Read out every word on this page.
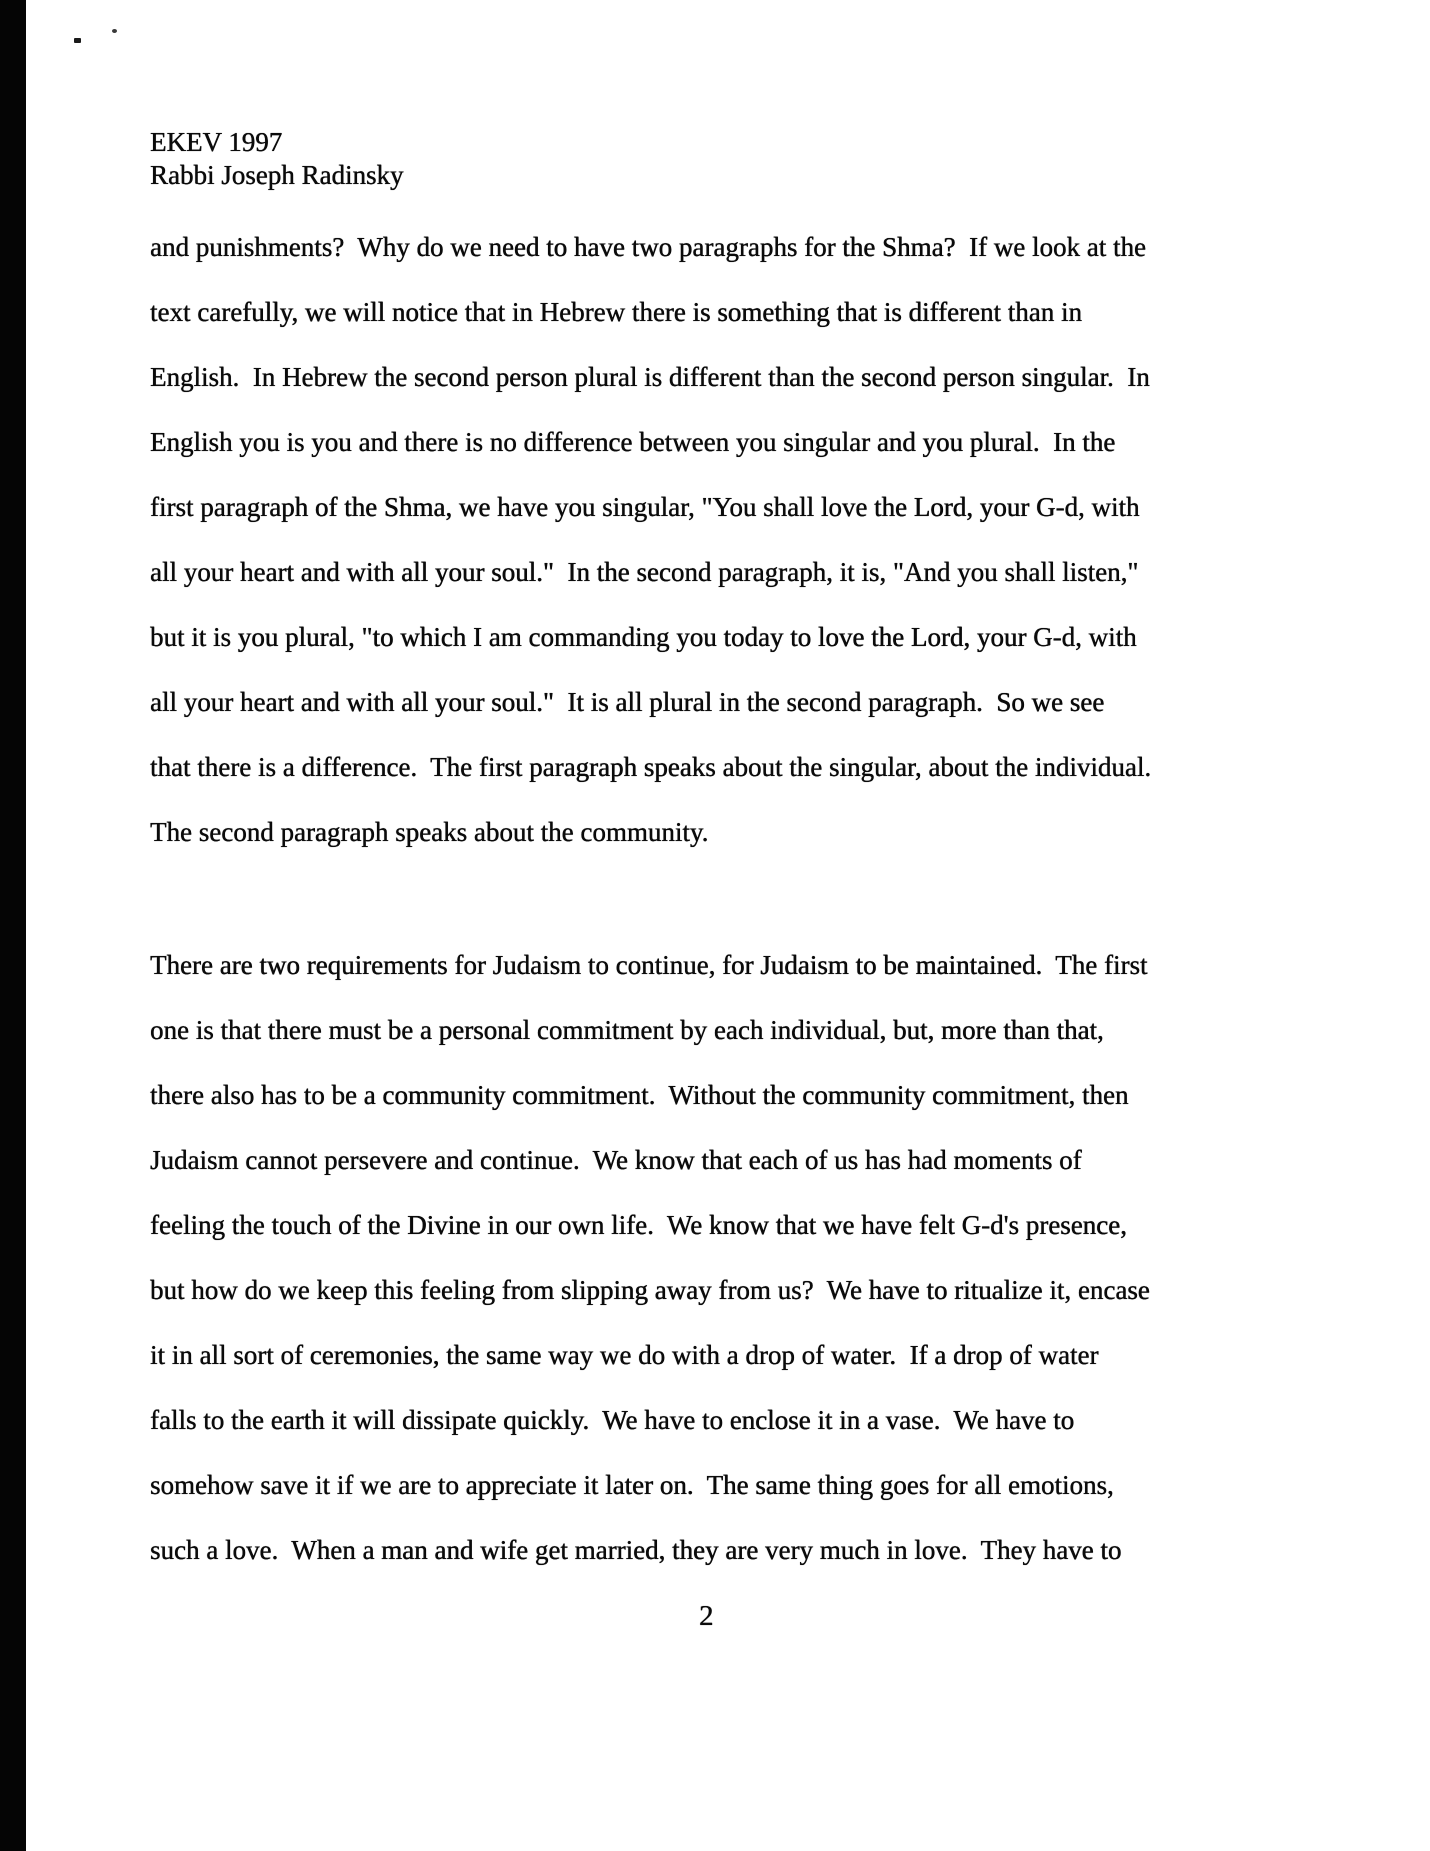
EKEV 1997
Rabbi Joseph Radinsky
and punishments?  Why do we need to have two paragraphs for the Shma?  If we look at the
text carefully, we will notice that in Hebrew there is something that is different than in
English.  In Hebrew the second person plural is different than the second person singular.  In
English you is you and there is no difference between you singular and you plural.  In the
first paragraph of the Shma, we have you singular, "You shall love the Lord, your G-d, with
all your heart and with all your soul."  In the second paragraph, it is, "And you shall listen,"
but it is you plural, "to which I am commanding you today to love the Lord, your G-d, with
all your heart and with all your soul."  It is all plural in the second paragraph.  So we see
that there is a difference.  The first paragraph speaks about the singular, about the individual.
The second paragraph speaks about the community.
There are two requirements for Judaism to continue, for Judaism to be maintained.  The first
one is that there must be a personal commitment by each individual, but, more than that,
there also has to be a community commitment.  Without the community commitment, then
Judaism cannot persevere and continue.  We know that each of us has had moments of
feeling the touch of the Divine in our own life.  We know that we have felt G-d's presence,
but how do we keep this feeling from slipping away from us?  We have to ritualize it, encase
it in all sort of ceremonies, the same way we do with a drop of water.  If a drop of water
falls to the earth it will dissipate quickly.  We have to enclose it in a vase.  We have to
somehow save it if we are to appreciate it later on.  The same thing goes for all emotions,
such a love.  When a man and wife get married, they are very much in love.  They have to
2
